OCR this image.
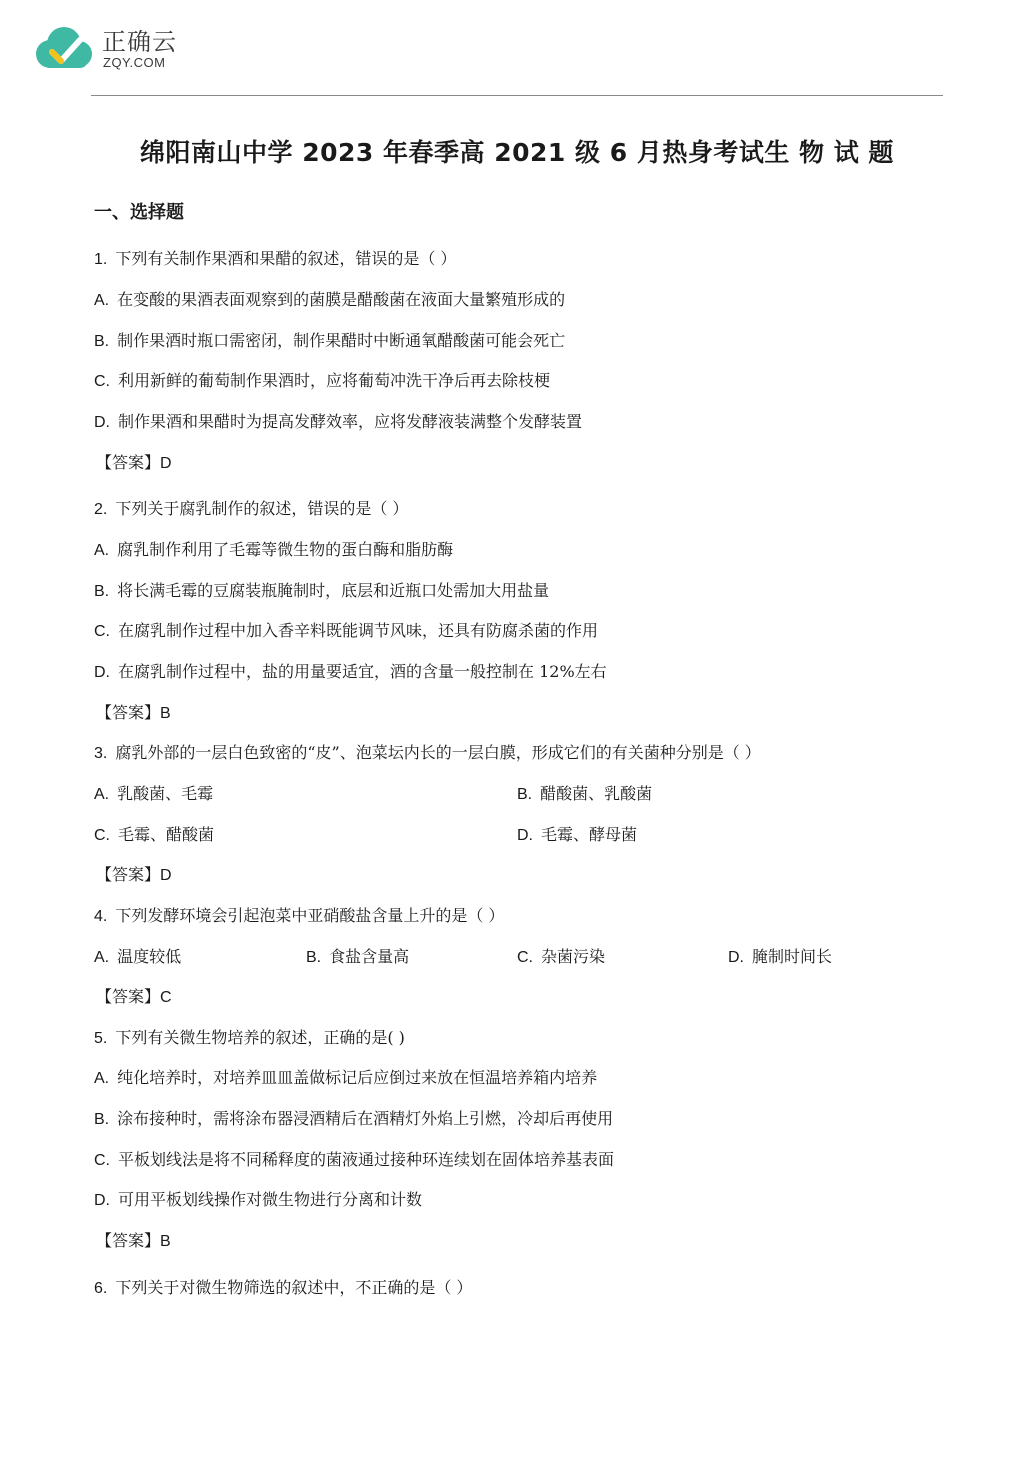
正确云
ZQY.COM
绵阳南山中学 2023 年春季高 2021 级 6 月热身考试生 物 试 题
一、选择题
1. 下列有关制作果酒和果醋的叙述，错误的是（ ）
A. 在变酸的果酒表面观察到的菌膜是醋酸菌在液面大量繁殖形成的
B. 制作果酒时瓶口需密闭，制作果醋时中断通氧醋酸菌可能会死亡
C. 利用新鲜的葡萄制作果酒时，应将葡萄冲洗干净后再去除枝梗
D. 制作果酒和果醋时为提高发酵效率，应将发酵液装满整个发酵装置
【答案】D
2. 下列关于腐乳制作的叙述，错误的是（ ）
A. 腐乳制作利用了毛霉等微生物的蛋白酶和脂肪酶
B. 将长满毛霉的豆腐装瓶腌制时，底层和近瓶口处需加大用盐量
C. 在腐乳制作过程中加入香辛料既能调节风味，还具有防腐杀菌的作用
D. 在腐乳制作过程中，盐的用量要适宜，酒的含量一般控制在 12%左右
【答案】B
3. 腐乳外部的一层白色致密的“皮”、泡菜坛内长的一层白膜，形成它们的有关菌种分别是（ ）
A. 乳酸菌、毛霉	B. 醋酸菌、乳酸菌
C. 毛霉、醋酸菌	D. 毛霉、酵母菌
【答案】D
4. 下列发酵环境会引起泡菜中亚硝酸盐含量上升的是（ ）
A. 温度较低	B. 食盐含量高	C. 杂菌污染	D. 腌制时间长
【答案】C
5. 下列有关微生物培养的叙述，正确的是( )
A. 纯化培养时，对培养皿皿盖做标记后应倒过来放在恒温培养箱内培养
B. 涂布接种时，需将涂布器浸酒精后在酒精灯外焰上引燃，冷却后再使用
C. 平板划线法是将不同稀释度的菌液通过接种环连续划在固体培养基表面
D. 可用平板划线操作对微生物进行分离和计数
【答案】B
6. 下列关于对微生物筛选的叙述中，不正确的是（ ）
